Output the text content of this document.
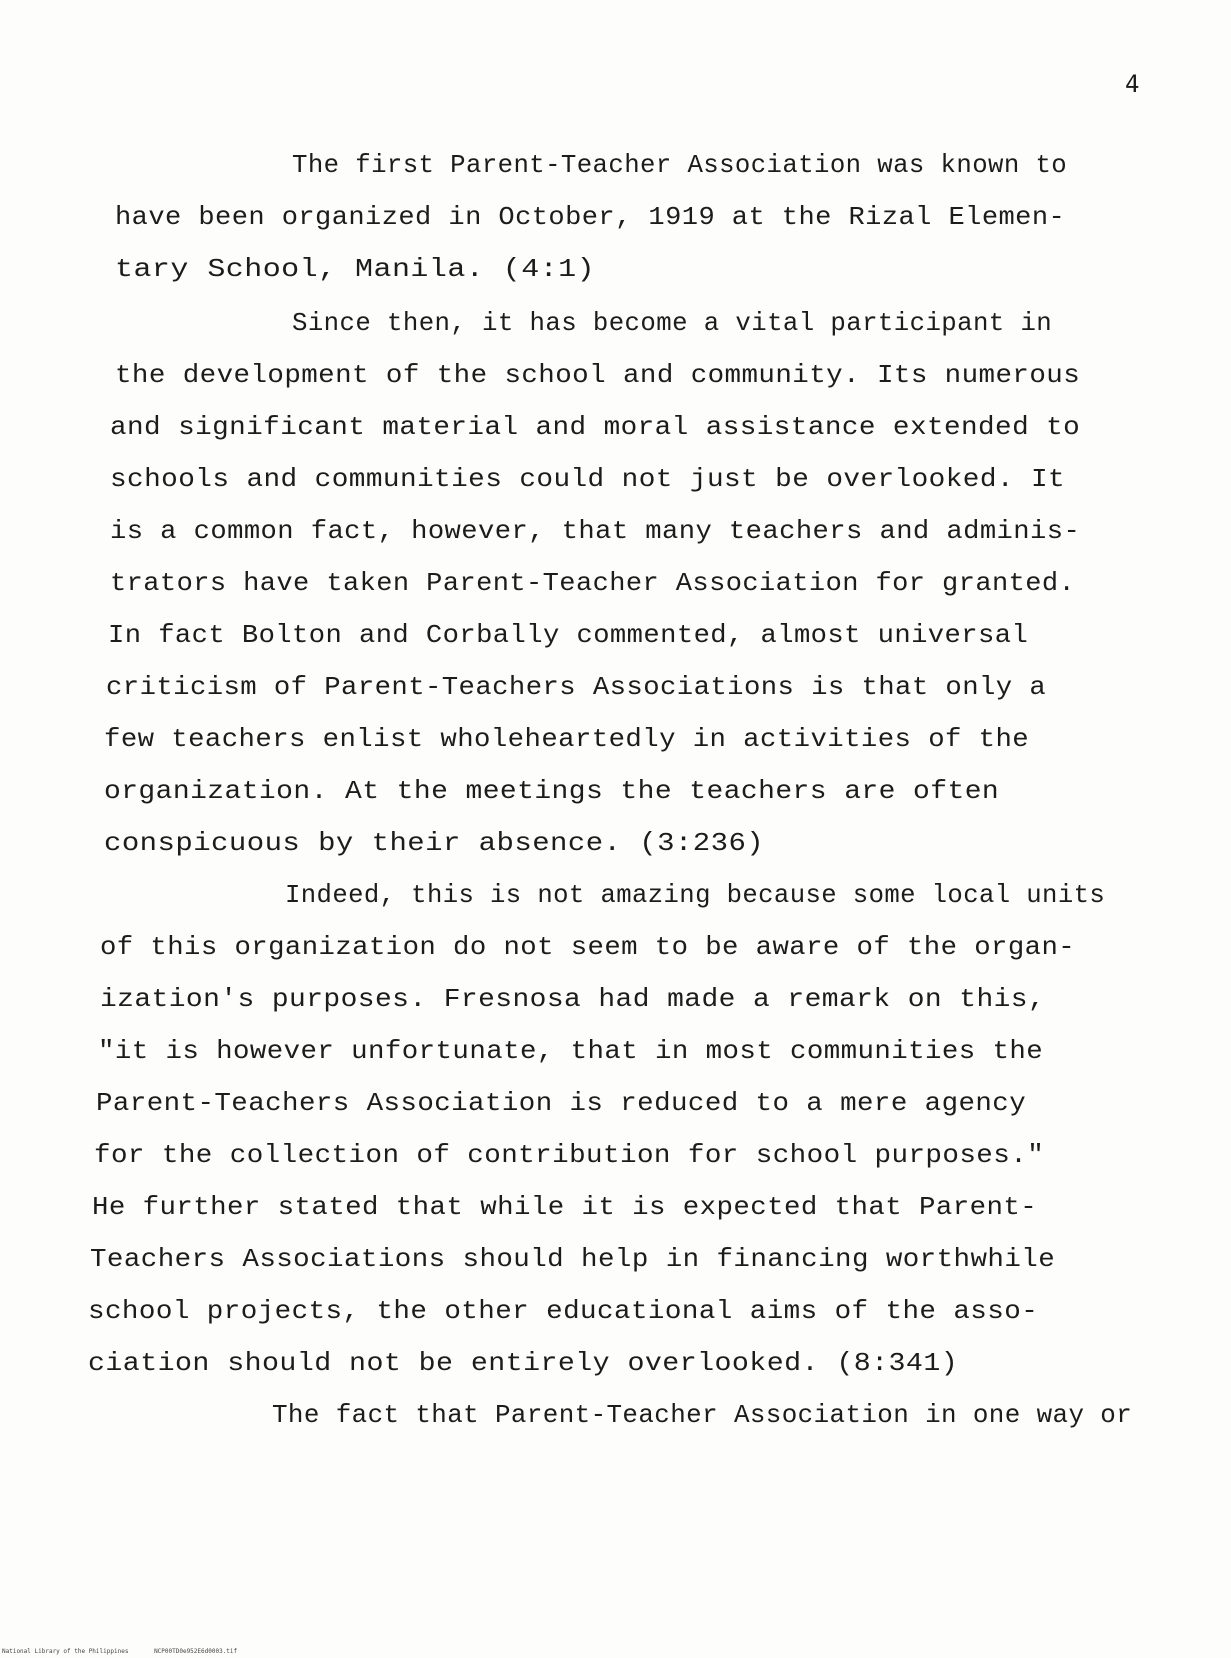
4
The first Parent-Teacher Association was known to
have been organized in October, 1919 at the Rizal Elemen-
tary School, Manila. (4:1)
Since then, it has become a vital participant in
the development of the school and community. Its numerous
and significant material and moral assistance extended to
schools and communities could not just be overlooked. It
is a common fact, however, that many teachers and adminis-
trators have taken Parent-Teacher Association for granted.
In fact Bolton and Corbally commented, almost universal
criticism of Parent-Teachers Associations is that only a
few teachers enlist wholeheartedly in activities of the
organization. At the meetings the teachers are often
conspicuous by their absence. (3:236)
Indeed, this is not amazing because some local units
of this organization do not seem to be aware of the organ-
ization's purposes. Fresnosa had made a remark on this,
"it is however unfortunate, that in most communities the
Parent-Teachers Association is reduced to a mere agency
for the collection of contribution for school purposes."
He further stated that while it is expected that Parent-
Teachers Associations should help in financing worthwhile
school projects, the other educational aims of the asso-
ciation should not be entirely overlooked. (8:341)
The fact that Parent-Teacher Association in one way or
National Library of the Philippines	NCP00TD0e952E6d0003.tif
